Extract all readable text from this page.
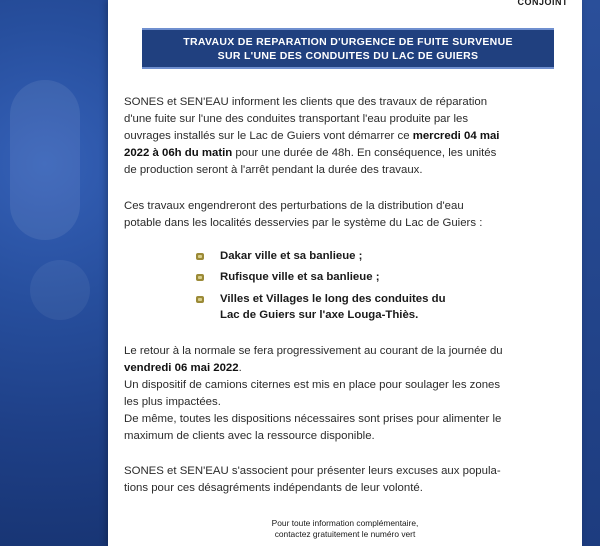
CONJOINT
TRAVAUX DE REPARATION D'URGENCE DE FUITE SURVENUE
SUR L'UNE DES CONDUITES DU LAC DE GUIERS
SONES et SEN'EAU informent les clients que des travaux de réparation
d'une fuite sur l'une des conduites transportant l'eau produite par les
ouvrages installés sur le Lac de Guiers vont démarrer ce mercredi 04 mai
2022 à 06h du matin pour une durée de 48h. En conséquence, les unités
de production seront à l'arrêt pendant la durée des travaux.
Ces travaux engendreront des perturbations de la distribution d'eau
potable dans les localités desservies par le système du Lac de Guiers :
Dakar ville et sa banlieue ;
Rufisque ville et sa banlieue ;
Villes et Villages le long des conduites du
Lac de Guiers sur l'axe Louga-Thiès.
Le retour à la normale se fera progressivement au courant de la journée du
vendredi 06 mai 2022.
Un dispositif de camions citernes est mis en place pour soulager les zones
les plus impactées.
De même, toutes les dispositions nécessaires sont prises pour alimenter le
maximum de clients avec la ressource disponible.
SONES et SEN'EAU s'associent pour présenter leurs excuses aux popula-
tions pour ces désagréments indépendants de leur volonté.
Pour toute information complémentaire,
contactez gratuitement le numéro vert
